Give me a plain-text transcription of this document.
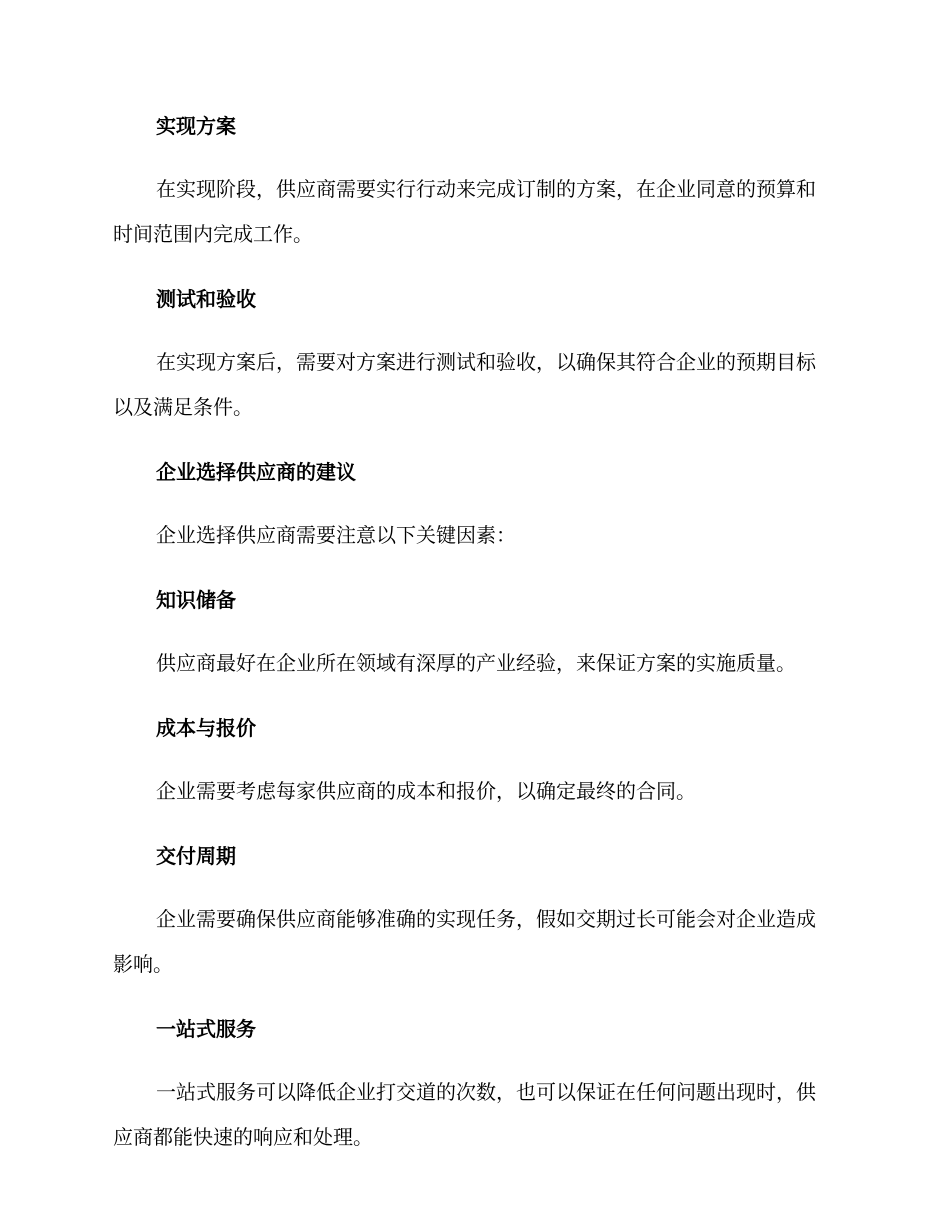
实现方案
在实现阶段，供应商需要实行行动来完成订制的方案，在企业同意的预算和时间范围内完成工作。
测试和验收
在实现方案后，需要对方案进行测试和验收，以确保其符合企业的预期目标以及满足条件。
企业选择供应商的建议
企业选择供应商需要注意以下关键因素：
知识储备
供应商最好在企业所在领域有深厚的产业经验，来保证方案的实施质量。
成本与报价
企业需要考虑每家供应商的成本和报价，以确定最终的合同。
交付周期
企业需要确保供应商能够准确的实现任务，假如交期过长可能会对企业造成影响。
一站式服务
一站式服务可以降低企业打交道的次数，也可以保证在任何问题出现时，供应商都能快速的响应和处理。
